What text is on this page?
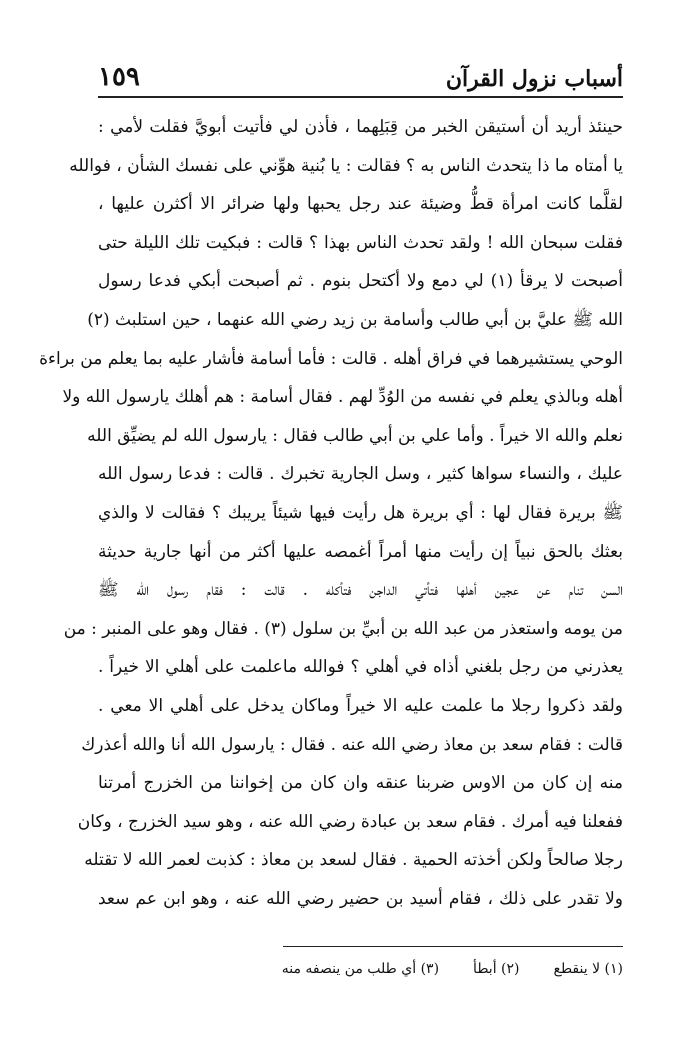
١٥٩	أسباب نزول القرآن
حينئذ أريد أن أستيقن الخبر من قِبَلِهما ، فأذن لي فأتيت أبويَّ فقلت لأمي :
يا أمتاه ما ذا يتحدث الناس به ؟ فقالت : يا بُنية هوِّني على نفسك الشأن ، فوالله
لقلَّما كانت امرأة قطُّ وضيئة عند رجل يحبها ولها ضرائر الا أكثرن عليها ،
فقلت سبحان الله ! ولقد تحدث الناس بهذا ؟ قالت : فبكيت تلك الليلة حتى
أصبحت لا يرقأ (١) لي دمع ولا أكتحل بنوم . ثم أصبحت أبكي فدعا رسول
الله ﷺ عليَّ بن أبي طالب وأسامة بن زيد رضي الله عنهما ، حين استلبث (٢)
الوحي يستشيرهما في فراق أهله . قالت : فأما أسامة فأشار عليه بما يعلم من براءة
أهله وبالذي يعلم في نفسه من الوُدِّ لهم . فقال أسامة : هم أهلك يارسول الله ولا
نعلم والله الا خيراً . وأما علي بن أبي طالب فقال : يارسول الله لم يضيِّق الله
عليك ، والنساء سواها كثير ، وسل الجارية تخبرك . قالت : فدعا رسول الله
ﷺ بريرة فقال لها : أي بريرة هل رأيت فيها شيئاً يريبك ؟ فقالت لا والذي
بعثك بالحق نبياً إن رأيت منها أمراً أغمصه عليها أكثر من أنها جارية حديثة
السن تنام عن عجين أهلها فتأتي الداجن فتأكله . قالت : فقام رسول الله ﷺ
من يومه واستعذر من عبد الله بن أبيِّ بن سلول (٣) . فقال وهو على المنبر : من
يعذرني من رجل بلغني أذاه في أهلي ؟ فوالله ماعلمت على أهلي الا خيراً .
ولقد ذكروا رجلا ما علمت عليه الا خيراً وماكان يدخل على أهلي الا معي .
قالت : فقام سعد بن معاذ رضي الله عنه . فقال : يارسول الله أنا والله أعذرك
منه إن كان من الاوس ضربنا عنقه وان كان من إخواننا من الخزرج أمرتنا
ففعلنا فيه أمرك . فقام سعد بن عبادة رضي الله عنه ، وهو سيد الخزرج ، وكان
رجلا صالحاً ولكن أخذته الحمية . فقال لسعد بن معاذ : كذبت لعمر الله لا تقتله
ولا تقدر على ذلك ، فقام أسيد بن حضير رضي الله عنه ، وهو ابن عم سعد
(١) لا ينقطع
(٢) أبطأ
(٣) أي طلب من ينصفه منه
